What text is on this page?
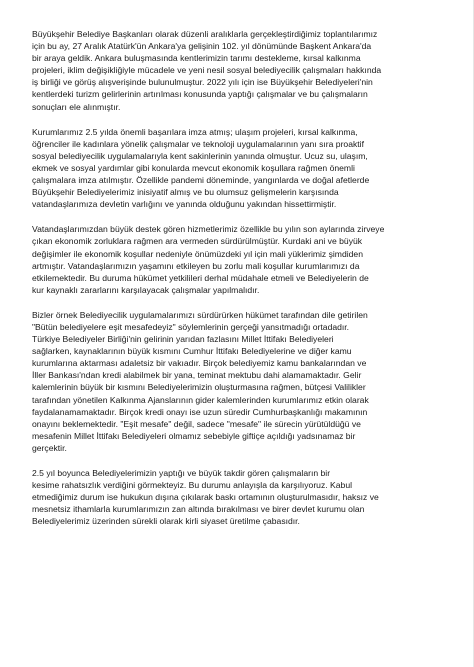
Büyükşehir Belediye Başkanları olarak düzenli aralıklarla gerçekleştirdiğimiz toplantılarımız
için bu ay, 27 Aralık Atatürk'ün Ankara'ya gelişinin 102. yıl dönümünde Başkent Ankara'da
bir araya geldik. Ankara buluşmasında kentlerimizin tarımı destekleme, kırsal kalkınma
projeleri, iklim değişikliğiyle mücadele ve yeni nesil sosyal belediyecilik çalışmaları hakkında
iş birliği ve görüş alışverişinde bulunulmuştur. 2022 yılı için ise Büyükşehir Belediyeleri'nin
kentlerdeki turizm gelirlerinin artırılması konusunda yaptığı çalışmalar ve bu çalışmaların
sonuçları ele alınmıştır.

Kurumlarımız 2.5 yılda önemli başarılara imza atmış; ulaşım projeleri, kırsal kalkınma,
öğrenciler ile kadınlara yönelik çalışmalar ve teknoloji uygulamalarının yanı sıra proaktif
sosyal belediyecilik uygulamalarıyla kent sakinlerinin yanında olmuştur. Ucuz su, ulaşım,
ekmek ve sosyal yardımlar gibi konularda mevcut ekonomik koşullara rağmen önemli
çalışmalara imza atılmıştır. Özellikle pandemi döneminde, yangınlarda ve doğal afetlerde
Büyükşehir Belediyelerimiz inisiyatif almış ve bu olumsuz gelişmelerin karşısında
vatandaşlarımıza devletin varlığını ve yanında olduğunu yakından hissettirmiştir.

Vatandaşlarımızdan büyük destek gören hizmetlerimiz özellikle bu yılın son aylarında zirveye
çıkan ekonomik zorluklara rağmen ara vermeden sürdürülmüştür. Kurdaki ani ve büyük
değişimler ile ekonomik koşullar nedeniyle önümüzdeki yıl için mali yüklerimiz şimdiden
artmıştır. Vatandaşlarımızın yaşamını etkileyen bu zorlu mali koşullar kurumlarımızı da
etkilemektedir. Bu duruma hükümet yetkilileri derhal müdahale etmeli ve Belediyelerin de
kur kaynaklı zararlarını karşılayacak çalışmalar yapılmalıdır.

Bizler örnek Belediyecilik uygulamalarımızı sürdürürken hükümet tarafından dile getirilen
"Bütün belediyelere eşit mesafedeyiz" söylemlerinin gerçeği yansıtmadığı ortadadır.
Türkiye Belediyeler Birliği'nin gelirinin yarıdan fazlasını Millet İttifakı Belediyeleri
sağlarken, kaynaklarının büyük kısmını Cumhur İttifakı Belediyelerine ve diğer kamu
kurumlarına aktarması adaletsiz bir vakıadır. Birçok belediyemiz kamu bankalarından ve
İller Bankası'ndan kredi alabilmek bir yana, teminat mektubu dahi alamamaktadır. Gelir
kalemlerinin büyük bir kısmını Belediyelerimizin oluşturmasına rağmen, bütçesi Valilikler
tarafından yönetilen Kalkınma Ajanslarının gider kalemlerinden kurumlarımız etkin olarak
faydalanamamaktadır. Birçok kredi onayı ise uzun süredir Cumhurbaşkanlığı makamının
onayını beklemektedir. "Eşit mesafe" değil, sadece "mesafe" ile sürecin yürütüldüğü ve
mesafenin Millet İttifakı Belediyeleri olmamız sebebiyle giftiçe açıldığı yadsınamaz bir
gerçektir.

2.5 yıl boyunca Belediyelerimizin yaptığı ve büyük takdir gören çalışmaların bir
kesime rahatsızlık verdiğini görmekteyiz. Bu durumu anlayışla da karşılıyoruz. Kabul
etmediğimiz durum ise hukukun dışına çıkılarak baskı ortamının oluşturulmasıdır, haksız ve
mesnetsiz ithamlarla kurumlarımızın zan altında bırakılması ve birer devlet kurumu olan
Belediyelerimiz üzerinden sürekli olarak kirli siyaset üretilme çabasıdır.
